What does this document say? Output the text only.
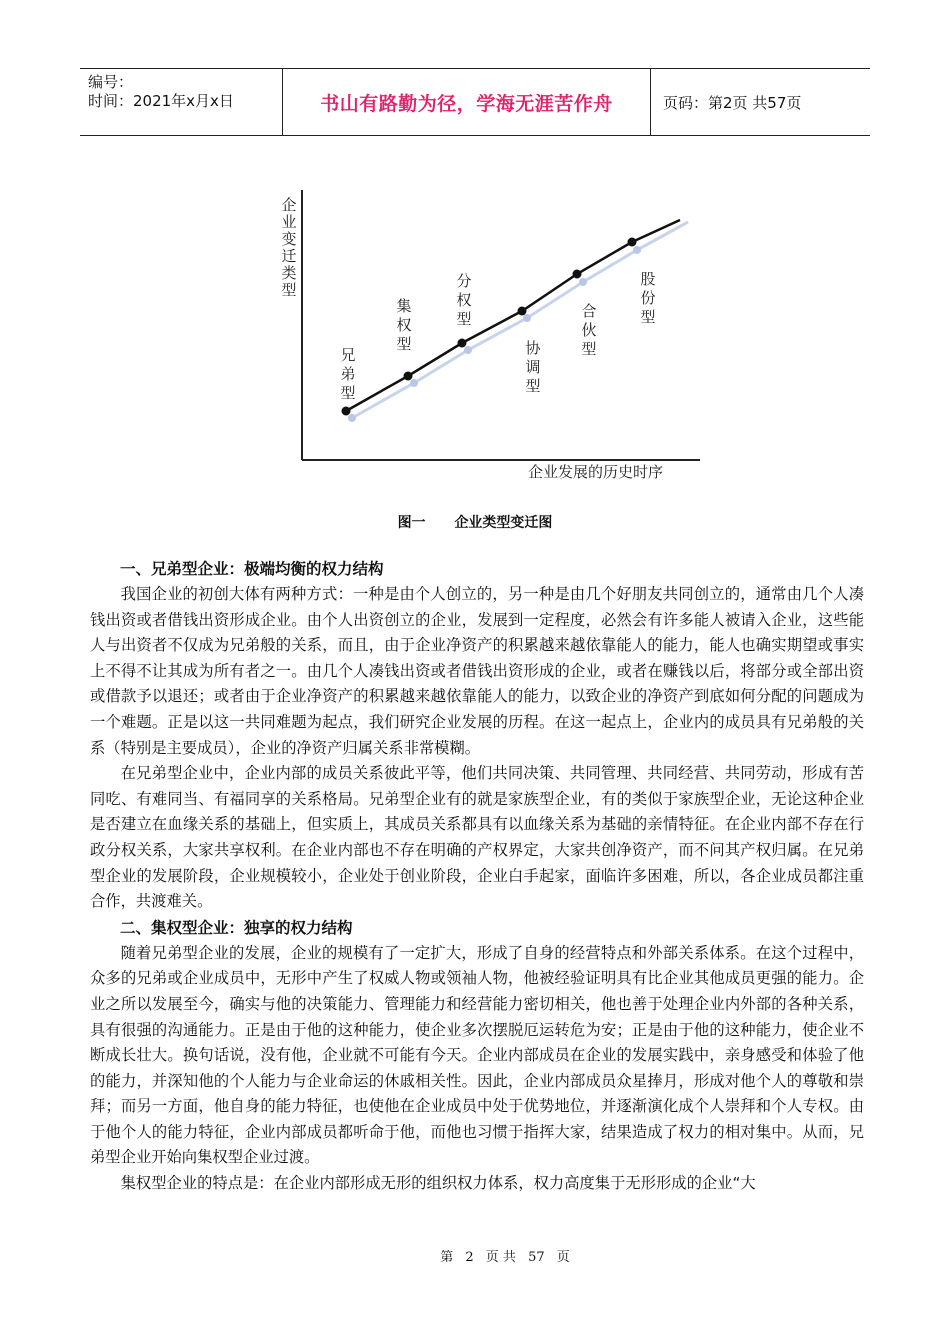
编号：
时间：2021年x月x日	书山有路勤为径，学海无涯苦作舟	页码：第2页 共57页
兄弟型
集权型
分权型
协调型
合伙型
股份型
企业变迁类型
企业发展的历史时序
图一 企业类型变迁图
一、兄弟型企业：极端均衡的权力结构

我国企业的初创大体有两种方式：一种是由个人创立的，另一种是由几个好朋友共同创立的，通常由几个人凑钱出资或者借钱出资形成企业。由个人出资创立的企业，发展到一定程度，必然会有许多能人被请入企业，这些能人与出资者不仅成为兄弟般的关系，而且，由于企业净资产的积累越来越依靠能人的能力，能人也确实期望或事实上不得不让其成为所有者之一。由几个人凑钱出资或者借钱出资形成的企业，或者在赚钱以后，将部分或全部出资或借款予以退还；或者由于企业净资产的积累越来越依靠能人的能力，以致企业的净资产到底如何分配的问题成为一个难题。正是以这一共同难题为起点，我们研究企业发展的历程。在这一起点上，企业内的成员具有兄弟般的关系（特别是主要成员），企业的净资产归属关系非常模糊。

在兄弟型企业中，企业内部的成员关系彼此平等，他们共同决策、共同管理、共同经营、共同劳动，形成有苦同吃、有难同当、有福同享的关系格局。兄弟型企业有的就是家族型企业，有的类似于家族型企业，无论这种企业是否建立在血缘关系的基础上，但实质上，其成员关系都具有以血缘关系为基础的亲情特征。在企业内部不存在行政分权关系，大家共享权利。在企业内部也不存在明确的产权界定，大家共创净资产，而不问其产权归属。在兄弟型企业的发展阶段，企业规模较小，企业处于创业阶段，企业白手起家，面临许多困难，所以，各企业成员都注重合作，共渡难关。

二、集权型企业：独享的权力结构

随着兄弟型企业的发展，企业的规模有了一定扩大，形成了自身的经营特点和外部关系体系。在这个过程中，众多的兄弟或企业成员中，无形中产生了权威人物或领袖人物，他被经验证明具有比企业其他成员更强的能力。企业之所以发展至今，确实与他的决策能力、管理能力和经营能力密切相关，他也善于处理企业内外部的各种关系，具有很强的沟通能力。正是由于他的这种能力，使企业多次摆脱厄运转危为安；正是由于他的这种能力，使企业不断成长壮大。换句话说，没有他，企业就不可能有今天。企业内部成员在企业的发展实践中，亲身感受和体验了他的能力，并深知他的个人能力与企业命运的休戚相关性。因此，企业内部成员众星捧月，形成对他个人的尊敬和崇拜；而另一方面，他自身的能力特征，也使他在企业成员中处于优势地位，并逐渐演化成个人崇拜和个人专权。由于他个人的能力特征，企业内部成员都听命于他，而他也习惯于指挥大家，结果造成了权力的相对集中。从而，兄弟型企业开始向集权型企业过渡。

集权型企业的特点是：在企业内部形成无形的组织权力体系，权力高度集于无形形成的企业“大

第 2 页 共 57 页
